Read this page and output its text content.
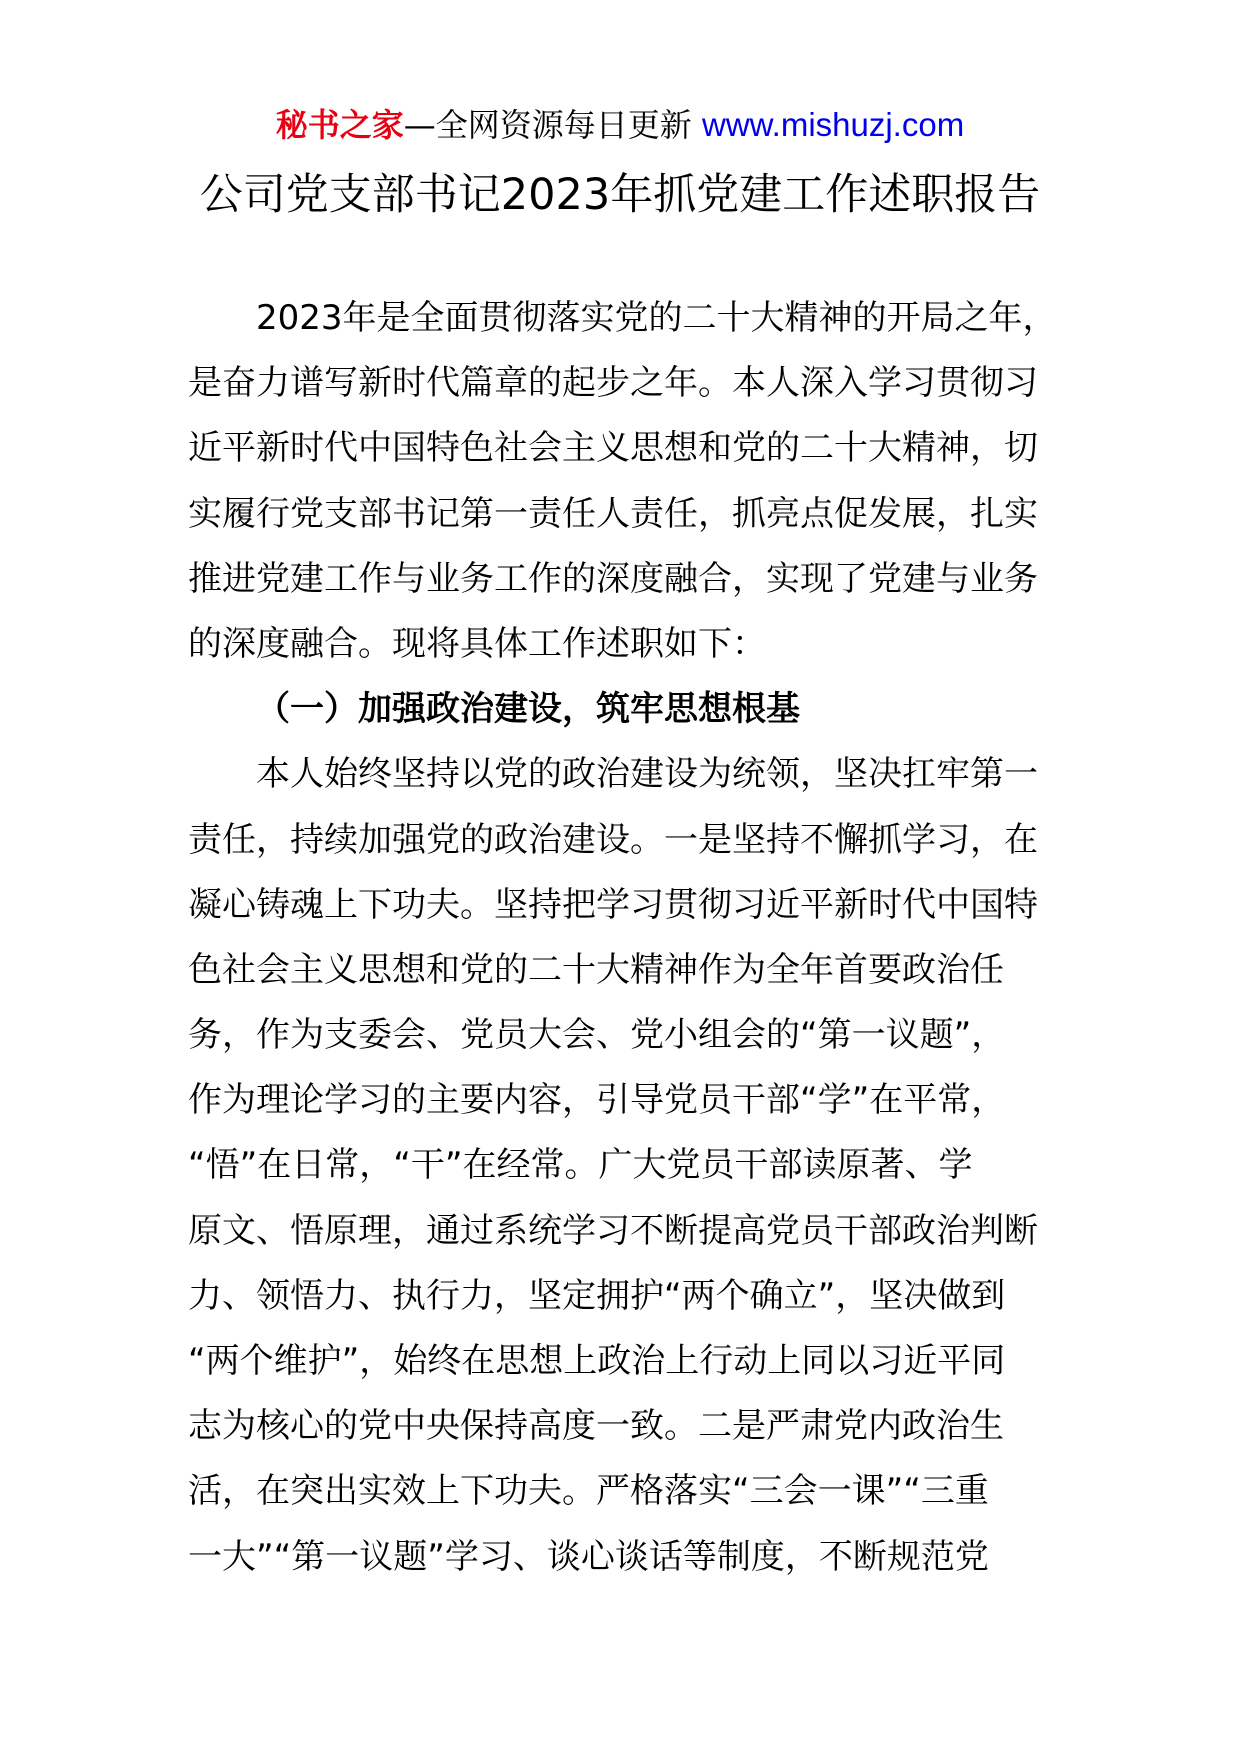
秘书之家—全网资源每日更新 www.mishuzj.com
公司党支部书记2023年抓党建工作述职报告
2023年是全面贯彻落实党的二十大精神的开局之年，
是奋力谱写新时代篇章的起步之年。本人深入学习贯彻习
近平新时代中国特色社会主义思想和党的二十大精神，切
实履行党支部书记第一责任人责任，抓亮点促发展，扎实
推进党建工作与业务工作的深度融合，实现了党建与业务
的深度融合。现将具体工作述职如下：
（一）加强政治建设，筑牢思想根基
本人始终坚持以党的政治建设为统领，坚决扛牢第一
责任，持续加强党的政治建设。一是坚持不懈抓学习，在
凝心铸魂上下功夫。坚持把学习贯彻习近平新时代中国特
色社会主义思想和党的二十大精神作为全年首要政治任
务，作为支委会、党员大会、党小组会的“第一议题”，
作为理论学习的主要内容，引导党员干部“学”在平常，
“悟”在日常，“干”在经常。广大党员干部读原著、学
原文、悟原理，通过系统学习不断提高党员干部政治判断
力、领悟力、执行力，坚定拥护“两个确立”，坚决做到
“两个维护”，始终在思想上政治上行动上同以习近平同
志为核心的党中央保持高度一致。二是严肃党内政治生
活，在突出实效上下功夫。严格落实“三会一课”“三重
一大”“第一议题”学习、谈心谈话等制度，不断规范党
